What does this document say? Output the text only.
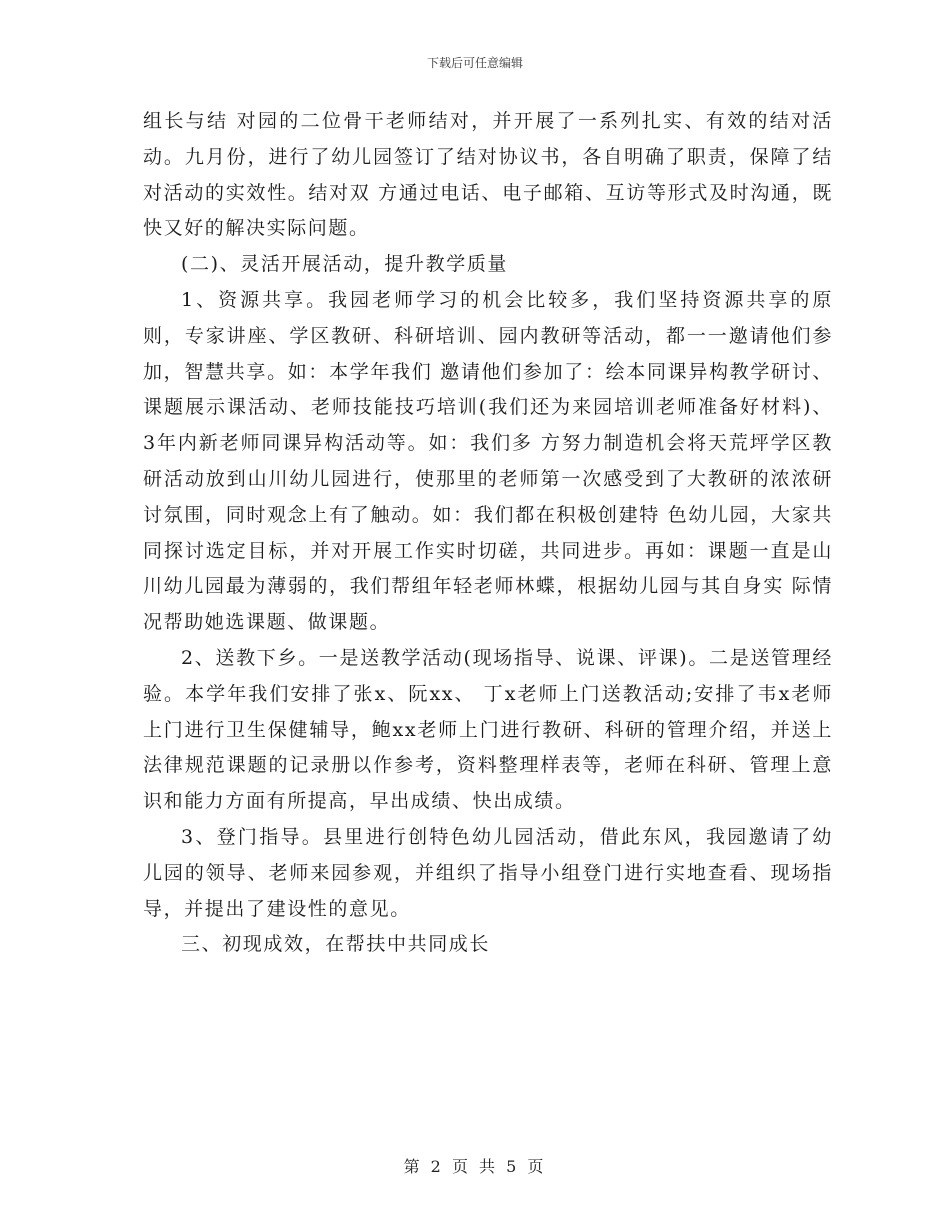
下载后可任意编辑

组长与结 对园的二位骨干老师结对，并开展了一系列扎实、有效的结对活动。九月份，进行了幼儿园签订了结对协议书，各自明确了职责，保障了结对活动的实效性。结对双 方通过电话、电子邮箱、互访等形式及时沟通，既快又好的解决实际问题。

(二)、灵活开展活动，提升教学质量

1、资源共享。我园老师学习的机会比较多，我们坚持资源共享的原则，专家讲座、学区教研、科研培训、园内教研等活动，都一一邀请他们参加，智慧共享。如：本学年我们 邀请他们参加了：绘本同课异构教学研讨、课题展示课活动、老师技能技巧培训(我们还为来园培训老师准备好材料)、3年内新老师同课异构活动等。如：我们多 方努力制造机会将天荒坪学区教研活动放到山川幼儿园进行，使那里的老师第一次感受到了大教研的浓浓研讨氛围，同时观念上有了触动。如：我们都在积极创建特 色幼儿园，大家共同探讨选定目标，并对开展工作实时切磋，共同进步。再如：课题一直是山川幼儿园最为薄弱的，我们帮组年轻老师林蝶，根据幼儿园与其自身实 际情况帮助她选课题、做课题。

2、送教下乡。一是送教学活动(现场指导、说课、评课)。二是送管理经验。本学年我们安排了张x、阮xx、 丁x老师上门送教活动;安排了韦x老师上门进行卫生保健辅导，鲍xx老师上门进行教研、科研的管理介绍，并送上法律规范课题的记录册以作参考，资料整理样表等，老师在科研、管理上意识和能力方面有所提高，早出成绩、快出成绩。

3、登门指导。县里进行创特色幼儿园活动，借此东风，我园邀请了幼儿园的领导、老师来园参观，并组织了指导小组登门进行实地查看、现场指导，并提出了建设性的意见。

三、初现成效，在帮扶中共同成长

第 2 页 共 5 页
